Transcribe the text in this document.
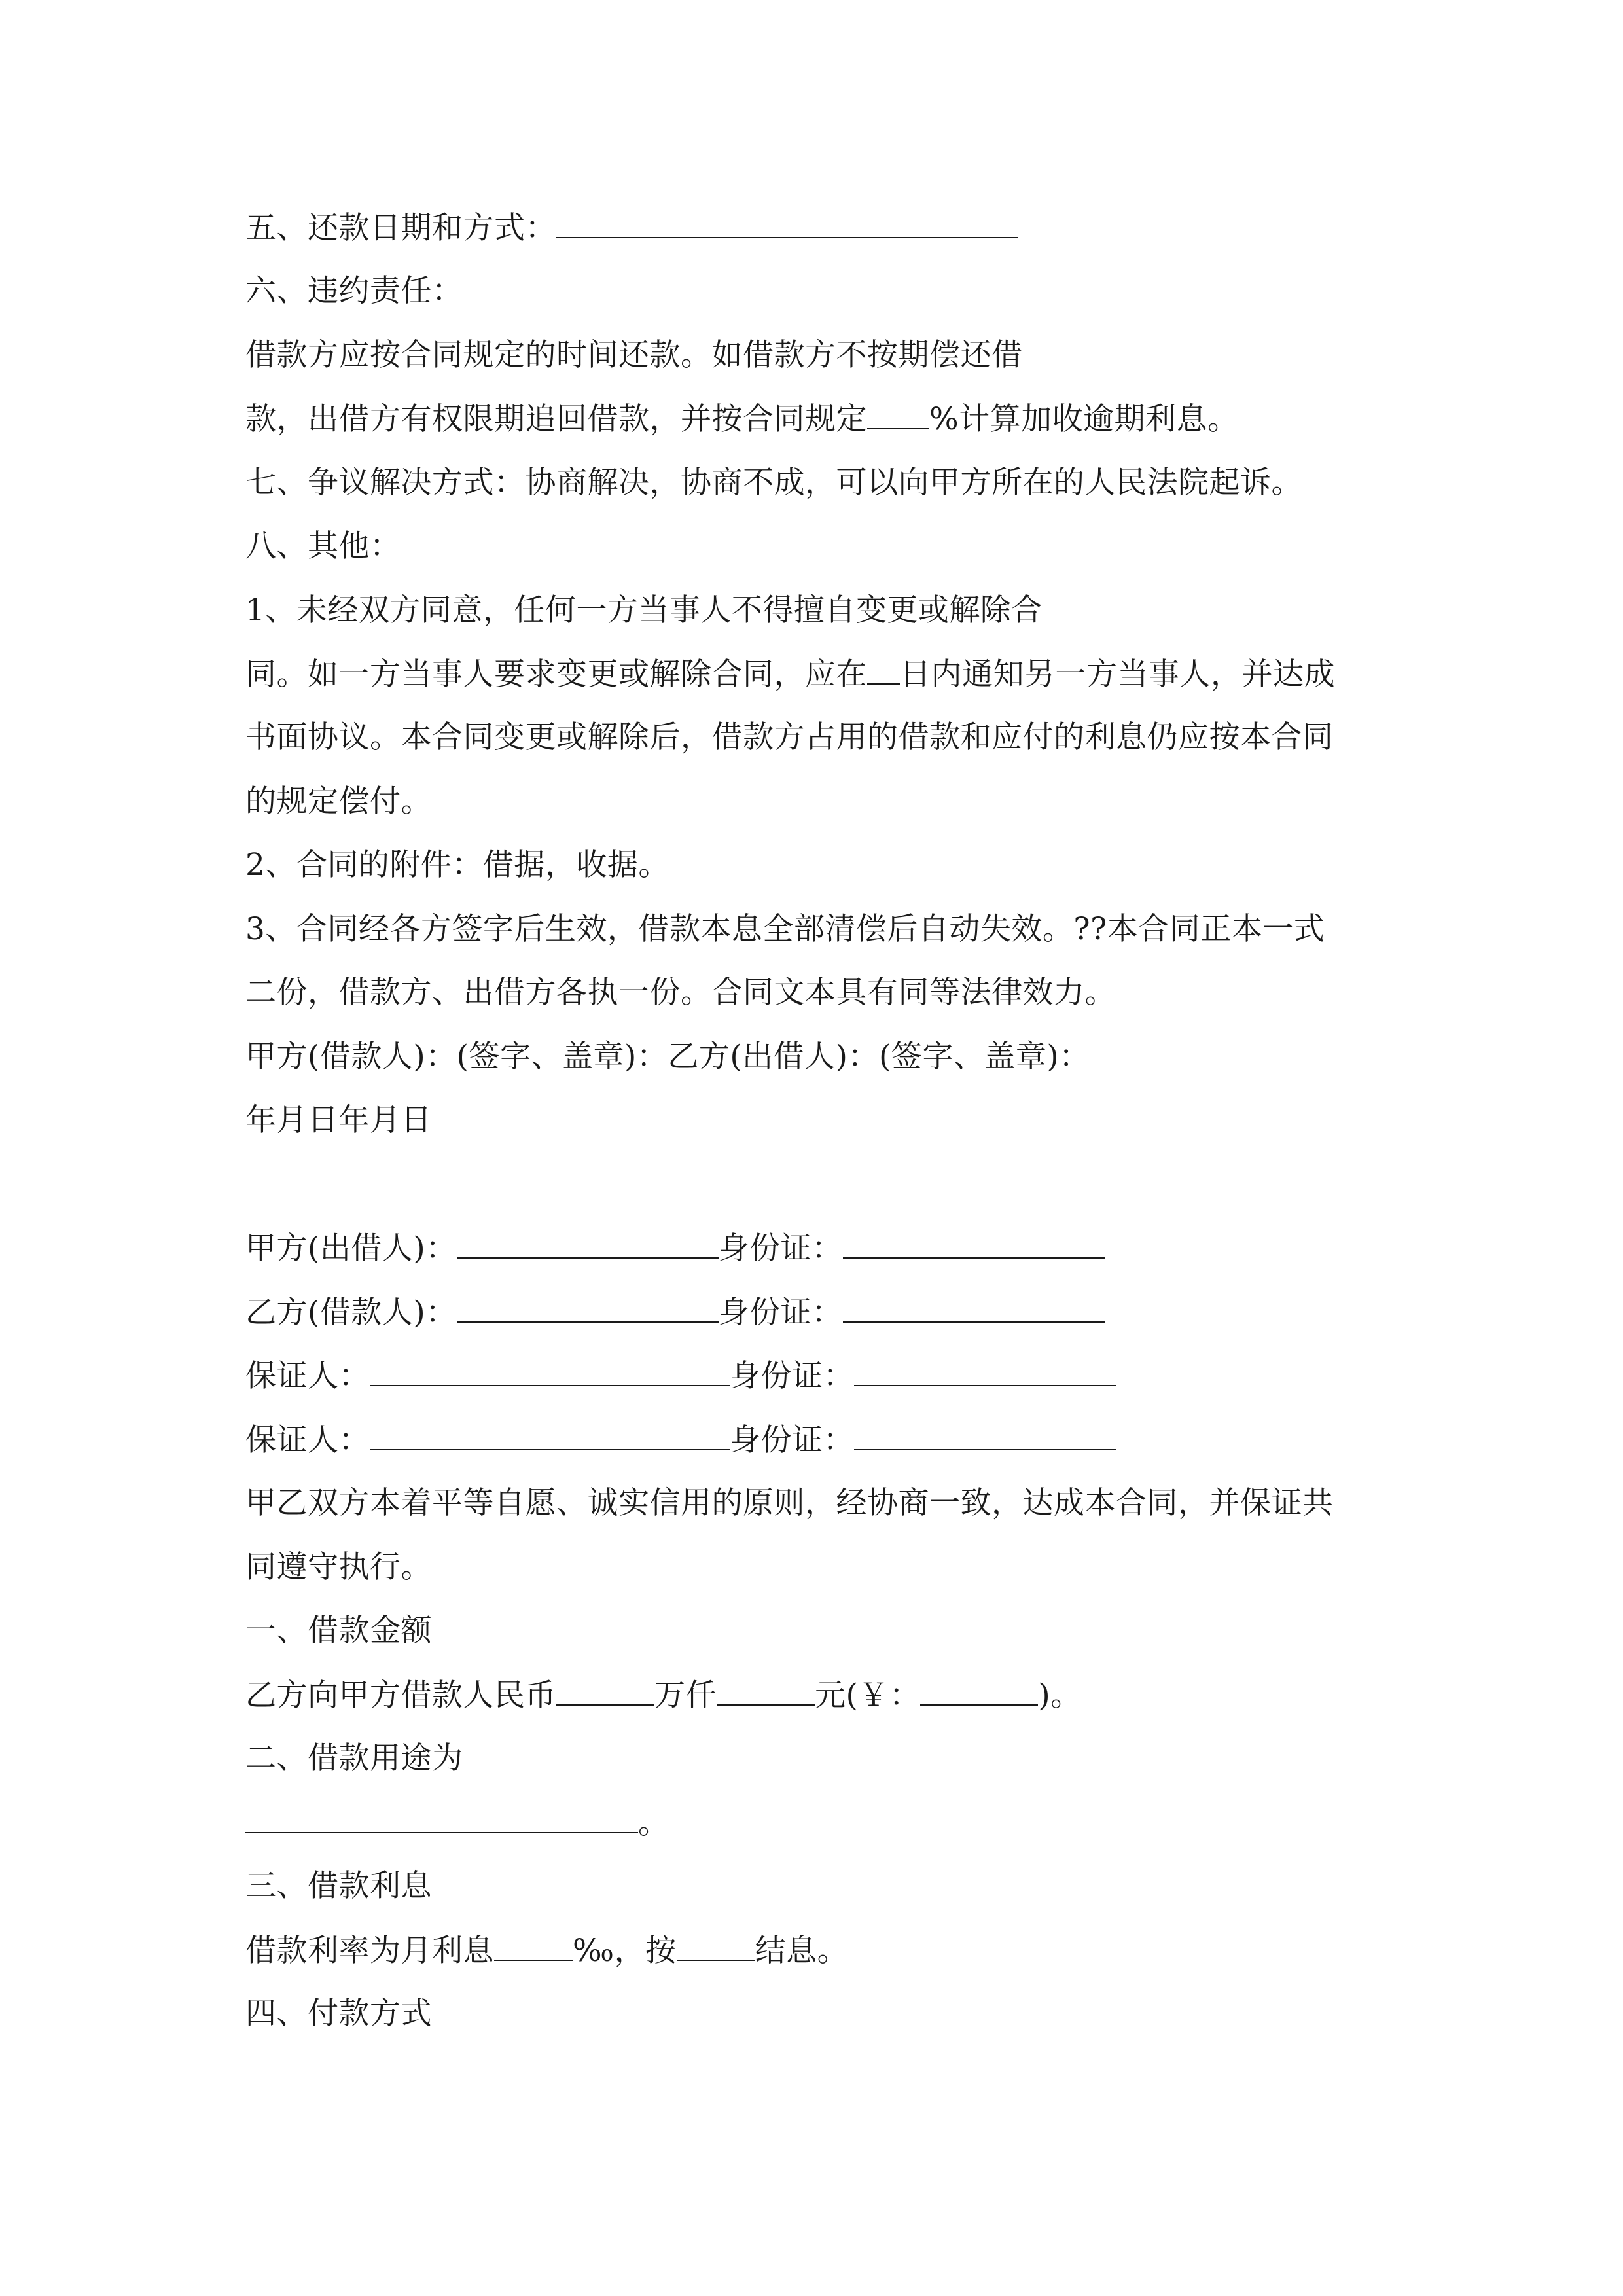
五、还款日期和方式：
六、违约责任：
借款方应按合同规定的时间还款。如借款方不按期偿还借
款，出借方有权限期追回借款，并按合同规定 %计算加收逾期利息。
七、争议解决方式：协商解决，协商不成，可以向甲方所在的人民法院起诉。
八、其他：
1、未经双方同意，任何一方当事人不得擅自变更或解除合
同。如一方当事人要求变更或解除合同，应在 日内通知另一方当事人，并达成
书面协议。本合同变更或解除后，借款方占用的借款和应付的利息仍应按本合同
的规定偿付。
2、合同的附件：借据，收据。
3、合同经各方签字后生效，借款本息全部清偿后自动失效。??本合同正本一式
二份，借款方、出借方各执一份。合同文本具有同等法律效力。
甲方(借款人)：(签字、盖章)：乙方(出借人)：(签字、盖章)：
年月日年月日
甲方(出借人)：	身份证：
乙方(借款人)：	身份证：
保证人：	身份证：
保证人：	身份证：
甲乙双方本着平等自愿、诚实信用的原则，经协商一致，达成本合同，并保证共
同遵守执行。
一、借款金额
乙方向甲方借款人民币	万仟	元(￥：	)。
二、借款用途为
。
三、借款利息
借款利率为月利息	‰，按	结息。
四、付款方式
